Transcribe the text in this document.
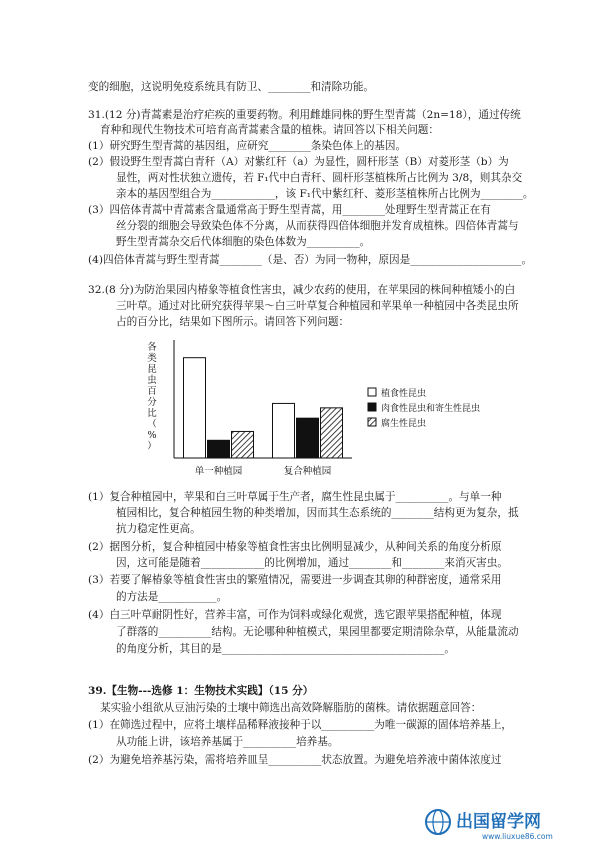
变的细胞，这说明免疫系统具有防卫、________和清除功能。
31.(12 分)青蒿素是治疗疟疾的重要药物。利用雌雄同株的野生型青蒿（2n=18），通过传统
育种和现代生物技术可培育高青蒿素含量的植株。请回答以下相关问题：
(1）研究野生型青蒿的基因组，应研究________条染色体上的基因。
(2）假设野生型青蒿白青秆（A）对紫红秆（a）为显性，圆杆形茎（B）对菱形茎（b）为
显性，两对性状独立遗传，若 F₁代中白青秆、圆杆形茎植株所占比例为 3/8，则其杂交
亲本的基因型组合为____________，该 F₁代中紫红秆、菱形茎植株所占比例为________。
(3）四倍体青蒿中青蒿素含量通常高于野生型青蒿，用________处理野生型青蒿正在有
丝分裂的细胞会导致染色体不分离，从而获得四倍体细胞并发育成植株。四倍体青蒿与
野生型青蒿杂交后代体细胞的染色体数为__________。
(4)四倍体青蒿与野生型青蒿________（是、否）为同一物种，原因是_____________________。
32.(8 分)为防治果园内椿象等植食性害虫，减少农药的使用，在苹果园的株间种植矮小的白
三叶草。通过对比研究获得苹果～白三叶草复合种植园和苹果单一种植园中各类昆虫所
占的百分比，结果如下图所示。请回答下列问题：
各
类
昆
虫
百
分
比
（
%
）
单一种植园	复合种植园
植食性昆虫
肉食性昆虫和寄生性昆虫
腐生性昆虫
(1）复合种植园中，苹果和白三叶草属于生产者，腐生性昆虫属于__________。与单一种
植园相比，复合种植园生物的种类增加，因而其生态系统的________结构更为复杂，抵
抗力稳定性更高。
(2）据图分析，复合种植园中椿象等植食性害虫比例明显减少，从种间关系的角度分析原
因，这可能是随着____________的比例增加，通过________和________来消灭害虫。
(3）若要了解椿象等植食性害虫的繁殖情况，需要进一步调查其卵的种群密度，通常采用
的方法是___________。
(4）白三叶草耐阴性好，营养丰富，可作为饲料或绿化观赏，选它跟苹果搭配种植，体现
了群落的__________结构。无论哪种种植模式，果园里都要定期清除杂草，从能量流动
的角度分析，其目的是__________________________________________。
39.【生物---选修 1：生物技术实践】（15 分）
某实验小组欲从豆油污染的土壤中筛选出高效降解脂肪的菌株。请依据题意回答：
(1）在筛选过程中，应将土壤样品稀释液接种于以__________为唯一碳源的固体培养基上，
从功能上讲，该培养基属于__________培养基。
(2）为避免培养基污染，需将培养皿呈__________状态放置。为避免培养液中菌体浓度过
出国留学网
www.liuxue86.com
